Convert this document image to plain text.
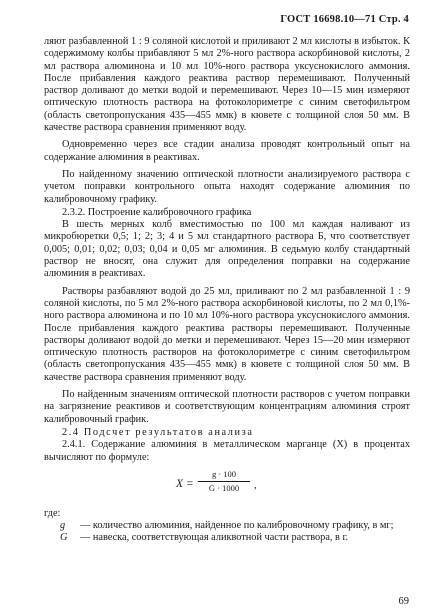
ГОСТ 16698.10—71 Стр. 4

ляют разбавленной 1 : 9 соляной кислотой и приливают 2 мл кислоты в избыток. К содержимому колбы прибавляют 5 мл 2%-ного раствора аскорбиновой кислоты, 2 мл раствора алюминона и 10 мл 10%-ного раствора уксуснокислого аммония. После прибавления каждого реактива раствор перемешивают. Полученный раствор доливают до метки водой и перемешивают. Через 10—15 мин измеряют оптическую плотность раствора на фотоколориметре с синим светофильтром (область светопропускания 435—455 ммк) в кювете с толщиной слоя 50 мм. В качестве раствора сравнения применяют воду.

Одновременно через все стадии анализа проводят контрольный опыт на содержание алюминия в реактивах.

По найденному значению оптической плотности анализируемого раствора с учетом поправки контрольного опыта находят содержание алюминия по калибровочному графику.

2.3.2. Построение калибровочного графика

В шесть мерных колб вместимостью по 100 мл каждая наливают из микробюретки 0,5; 1; 2; 3; 4 и 5 мл стандартного раствора Б, что соответствует 0,005; 0,01; 0,02; 0,03; 0,04 и 0,05 мг алюминия. В седьмую колбу стандартный раствор не вносят, она служит для определения поправки на содержание алюминия в реактивах.

Растворы разбавляют водой до 25 мл, приливают по 2 мл разбавленной 1 : 9 соляной кислоты, по 5 мл 2%-ного раствора аскорбиновой кислоты, по 2 мл 0,1%-ного раствора алюминона и по 10 мл 10%-ного раствора уксуснокислого аммония. После прибавления каждого реактива растворы перемешивают. Полученные растворы доливают водой до метки и перемешивают. Через 15—20 мин измеряют оптическую плотность растворов на фотоколориметре с синим светофильтром (область светопропускания 435—455 ммк) в кювете с толщиной слоя 50 мм. В качестве раствора сравнения применяют воду.

По найденным значениям оптической плотности растворов с учетом поправки на загрязнение реактивов и соответствующим концентрациям алюминия строят калибровочный график.

2.4 Подсчет результатов анализа

2.4.1. Содержание алюминия в металлическом марганце (X) в процентах вычисляют по формуле:

X =
g · 100
G · 1000	,

где:

g — количество алюминия, найденное по калибровочному графику, в мг;
G — навеска, соответствующая аликвотной части раствора, в г.
69
